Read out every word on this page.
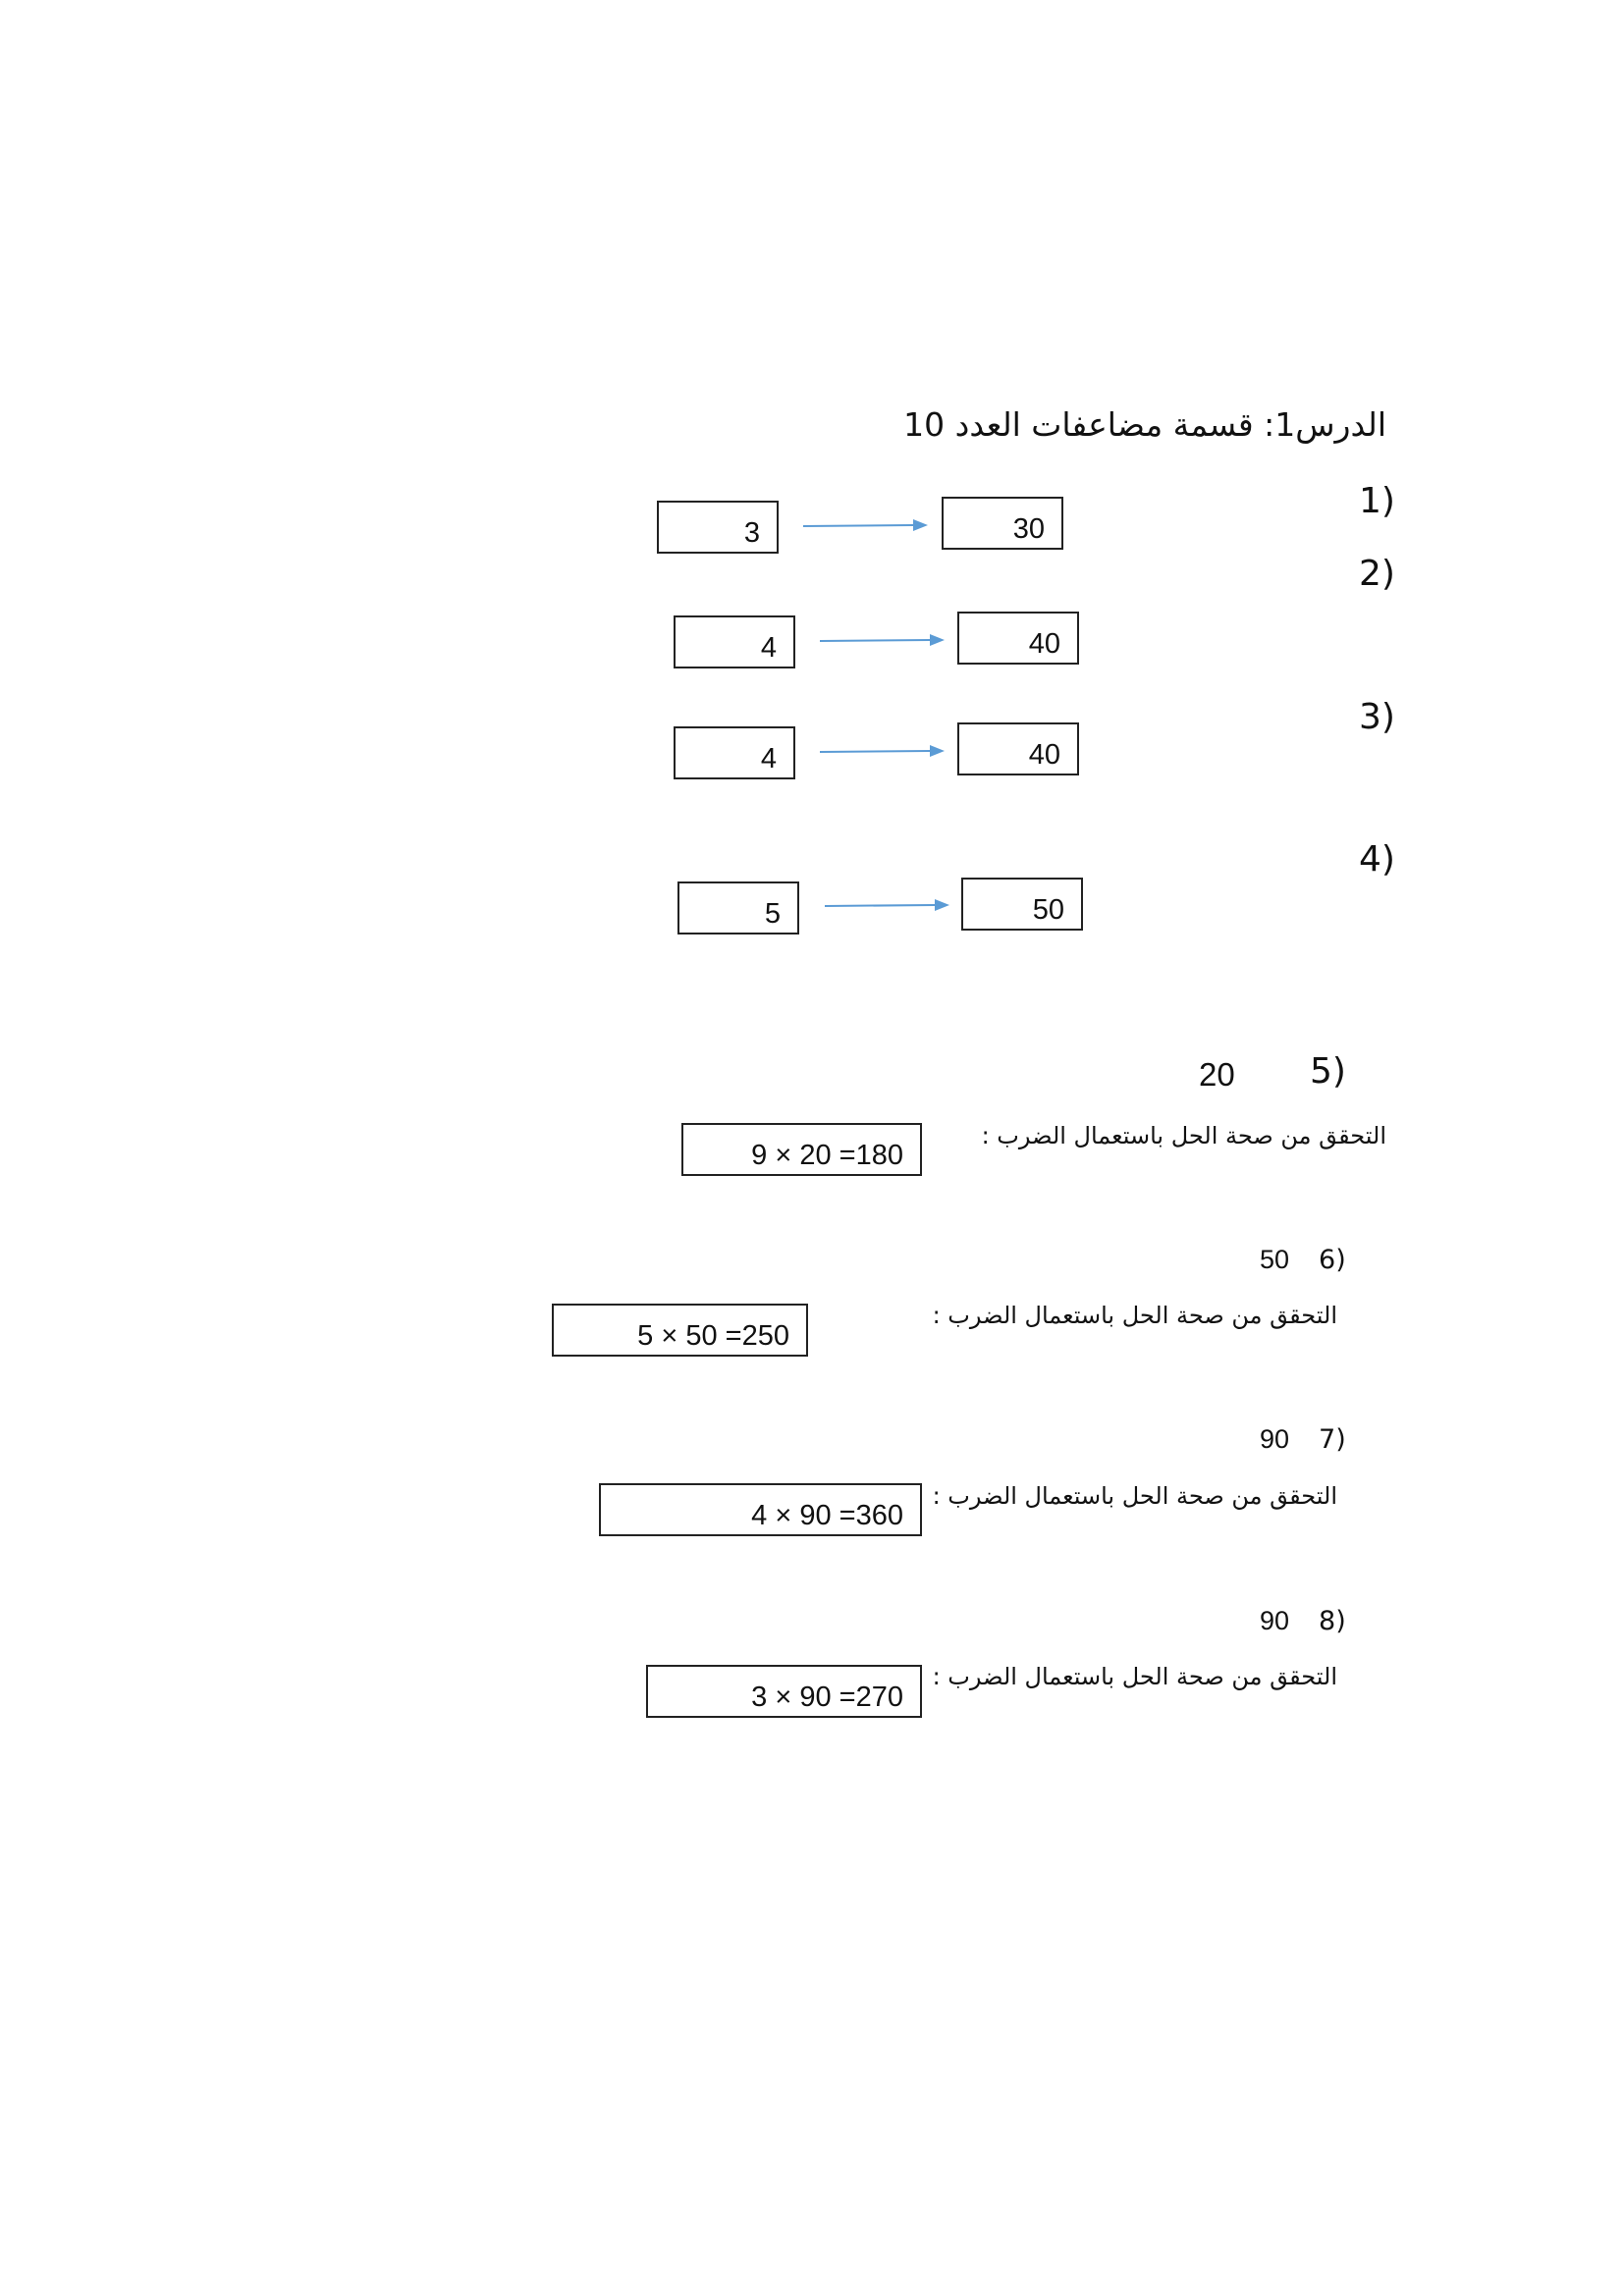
الدرس1: قسمة مضاعفات العدد 10
(1
30
3
(2
40
4
(3
40
4
(4
50
5
(5
20
التحقق من صحة الحل باستعمال الضرب :
9 × 20 =180
(6
50
التحقق من صحة الحل باستعمال الضرب :
5 × 50 =250
(7
90
التحقق من صحة الحل باستعمال الضرب :
4 × 90 =360
(8
90
التحقق من صحة الحل باستعمال الضرب :
3 × 90 =270
